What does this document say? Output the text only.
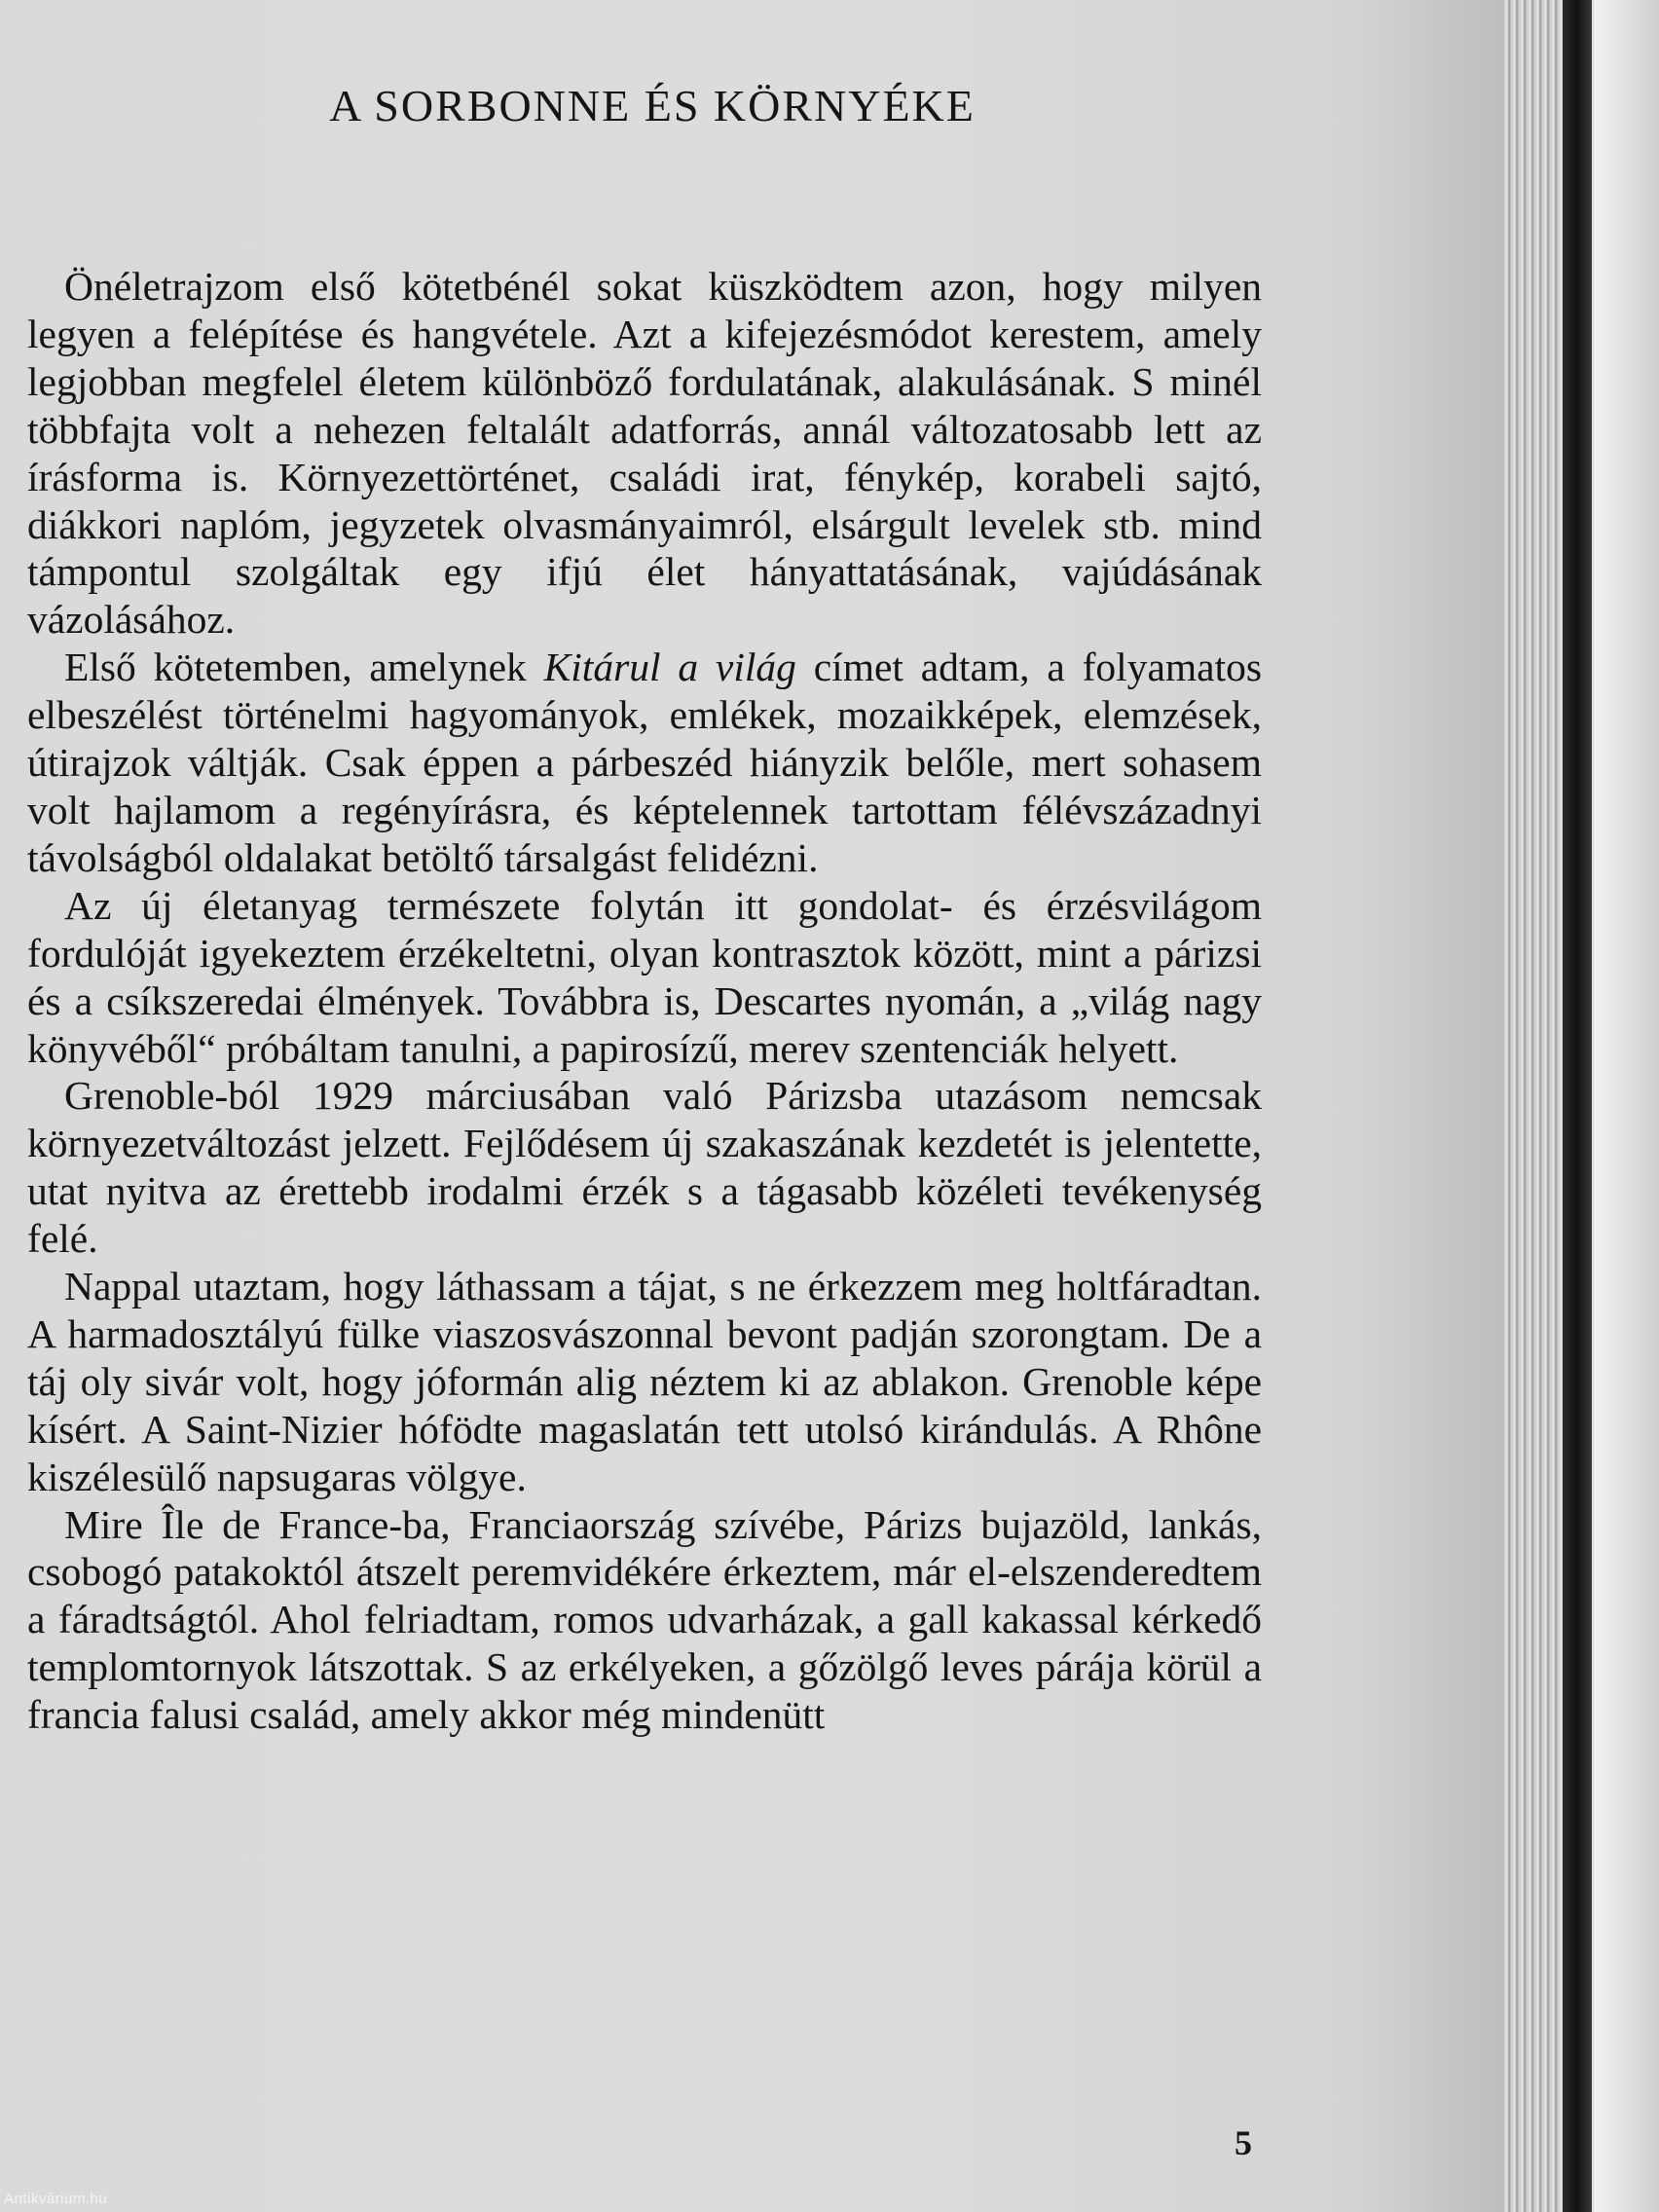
A SORBONNE ÉS KÖRNYÉKE

Önéletrajzom első kötetbénél sokat küszködtem azon, hogy milyen legyen a felépítése és hangvétele. Azt a kifejezésmódot kerestem, amely legjobban megfelel életem különböző fordulatának, alakulásának. S minél többfajta volt a nehezen feltalált adatforrás, annál változatosabb lett az írásforma is. Környezettörténet, családi irat, fénykép, korabeli sajtó, diákkori naplóm, jegyzetek olvasmányaimról, elsárgult levelek stb. mind támpontul szolgáltak egy ifjú élet hányattatásának, vajúdásának vázolásához.

Első kötetemben, amelynek Kitárul a világ címet adtam, a folyamatos elbeszélést történelmi hagyományok, emlékek, mozaikképek, elemzések, útirajzok váltják. Csak éppen a párbeszéd hiányzik belőle, mert sohasem volt hajlamom a regényírásra, és képtelennek tartottam félévszázadnyi távolságból oldalakat betöltő társalgást felidézni.

Az új életanyag természete folytán itt gondolat- és érzésvilágom fordulóját igyekeztem érzékeltetni, olyan kontrasztok között, mint a párizsi és a csíkszeredai élmények. Továbbra is, Descartes nyomán, a „világ nagy könyvéből“ próbáltam tanulni, a papirosízű, merev szentenciák helyett.

Grenoble-ból 1929 márciusában való Párizsba utazásom nemcsak környezetváltozást jelzett. Fejlődésem új szakaszának kezdetét is jelentette, utat nyitva az érettebb irodalmi érzék s a tágasabb közéleti tevékenység felé.

Nappal utaztam, hogy láthassam a tájat, s ne érkezzem meg holtfáradtan. A harmadosztályú fülke viaszosvászonnal bevont padján szorongtam. De a táj oly sivár volt, hogy jóformán alig néztem ki az ablakon. Grenoble képe kísért. A Saint-Nizier hófödte magaslatán tett utolsó kirándulás. A Rhône kiszélesülő napsugaras völgye.

Mire Île de France-ba, Franciaország szívébe, Párizs bujazöld, lankás, csobogó patakoktól átszelt peremvidékére érkeztem, már el-elszenderedtem a fáradtságtól. Ahol felriadtam, romos udvarházak, a gall kakassal kérkedő templomtornyok látszottak. S az erkélyeken, a gőzölgő leves párája körül a francia falusi család, amely akkor még mindenütt

5
Antikvárium.hu
